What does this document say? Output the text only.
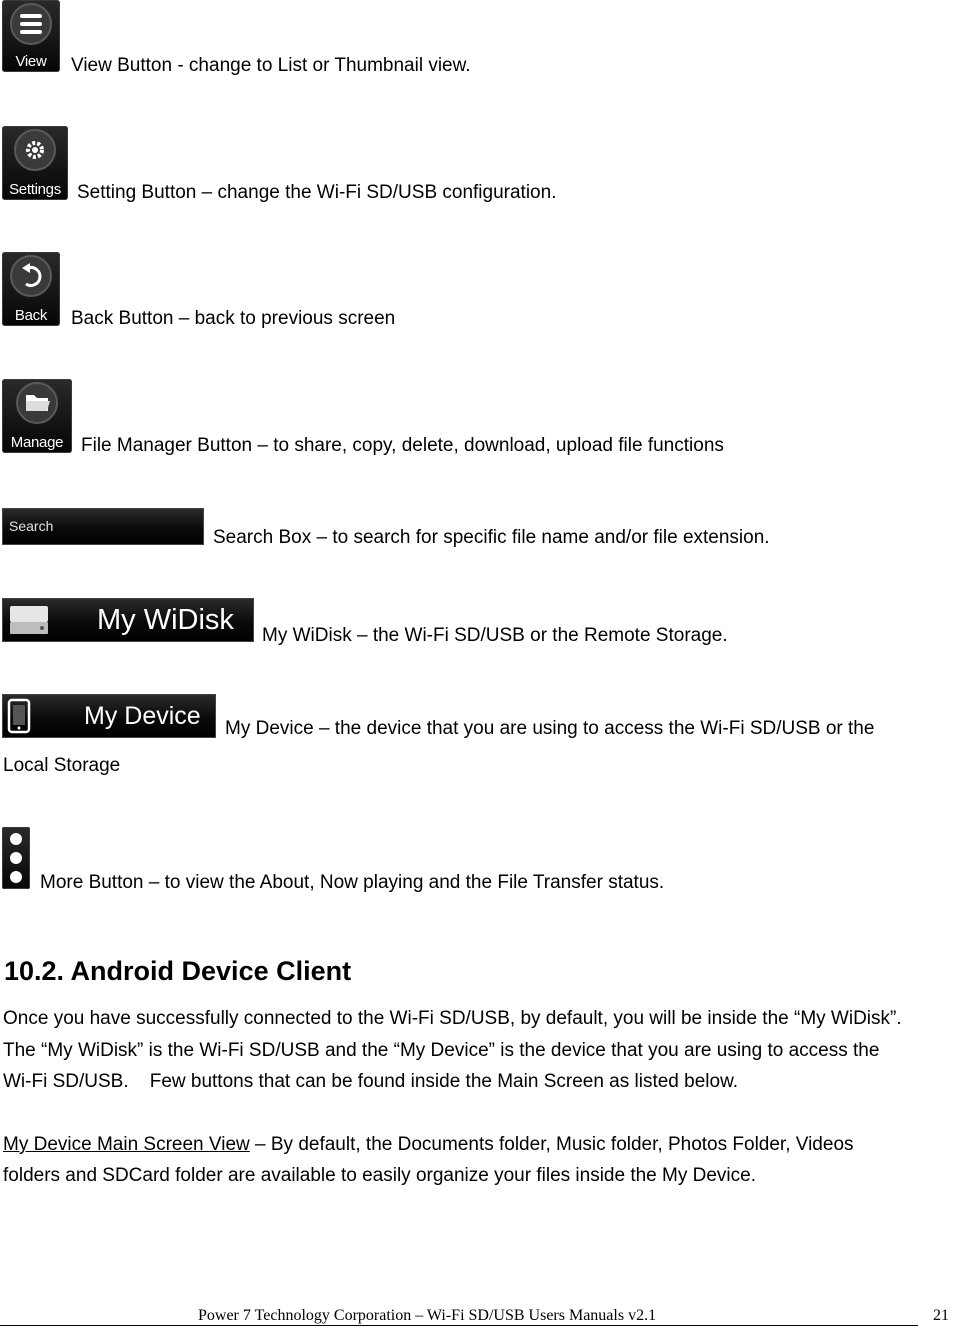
View	View Button - change to List or Thumbnail view.
Settings Setting Button – change the Wi-Fi SD/USB configuration.
Back	Back Button – back to previous screen
Manage File Manager Button – to share, copy, delete, download, upload file functions
Search
Search Box – to search for specific file name and/or file extension.
My WiDisk My WiDisk – the Wi-Fi SD/USB or the Remote Storage.
My Device My Device – the device that you are using to access the Wi-Fi SD/USB or the
Local Storage
More Button – to view the About, Now playing and the File Transfer status.
10.2. Android Device Client
Once you have successfully connected to the Wi-Fi SD/USB, by default, you will be inside the “My WiDisk”.
The “My WiDisk” is the Wi-Fi SD/USB and the “My Device” is the device that you are using to access the
Wi-Fi SD/USB.    Few buttons that can be found inside the Main Screen as listed below.
My Device Main Screen View – By default, the Documents folder, Music folder, Photos Folder, Videos
folders and SDCard folder are available to easily organize your files inside the My Device.
Power 7 Technology Corporation – Wi-Fi SD/USB Users Manuals v2.1	21
